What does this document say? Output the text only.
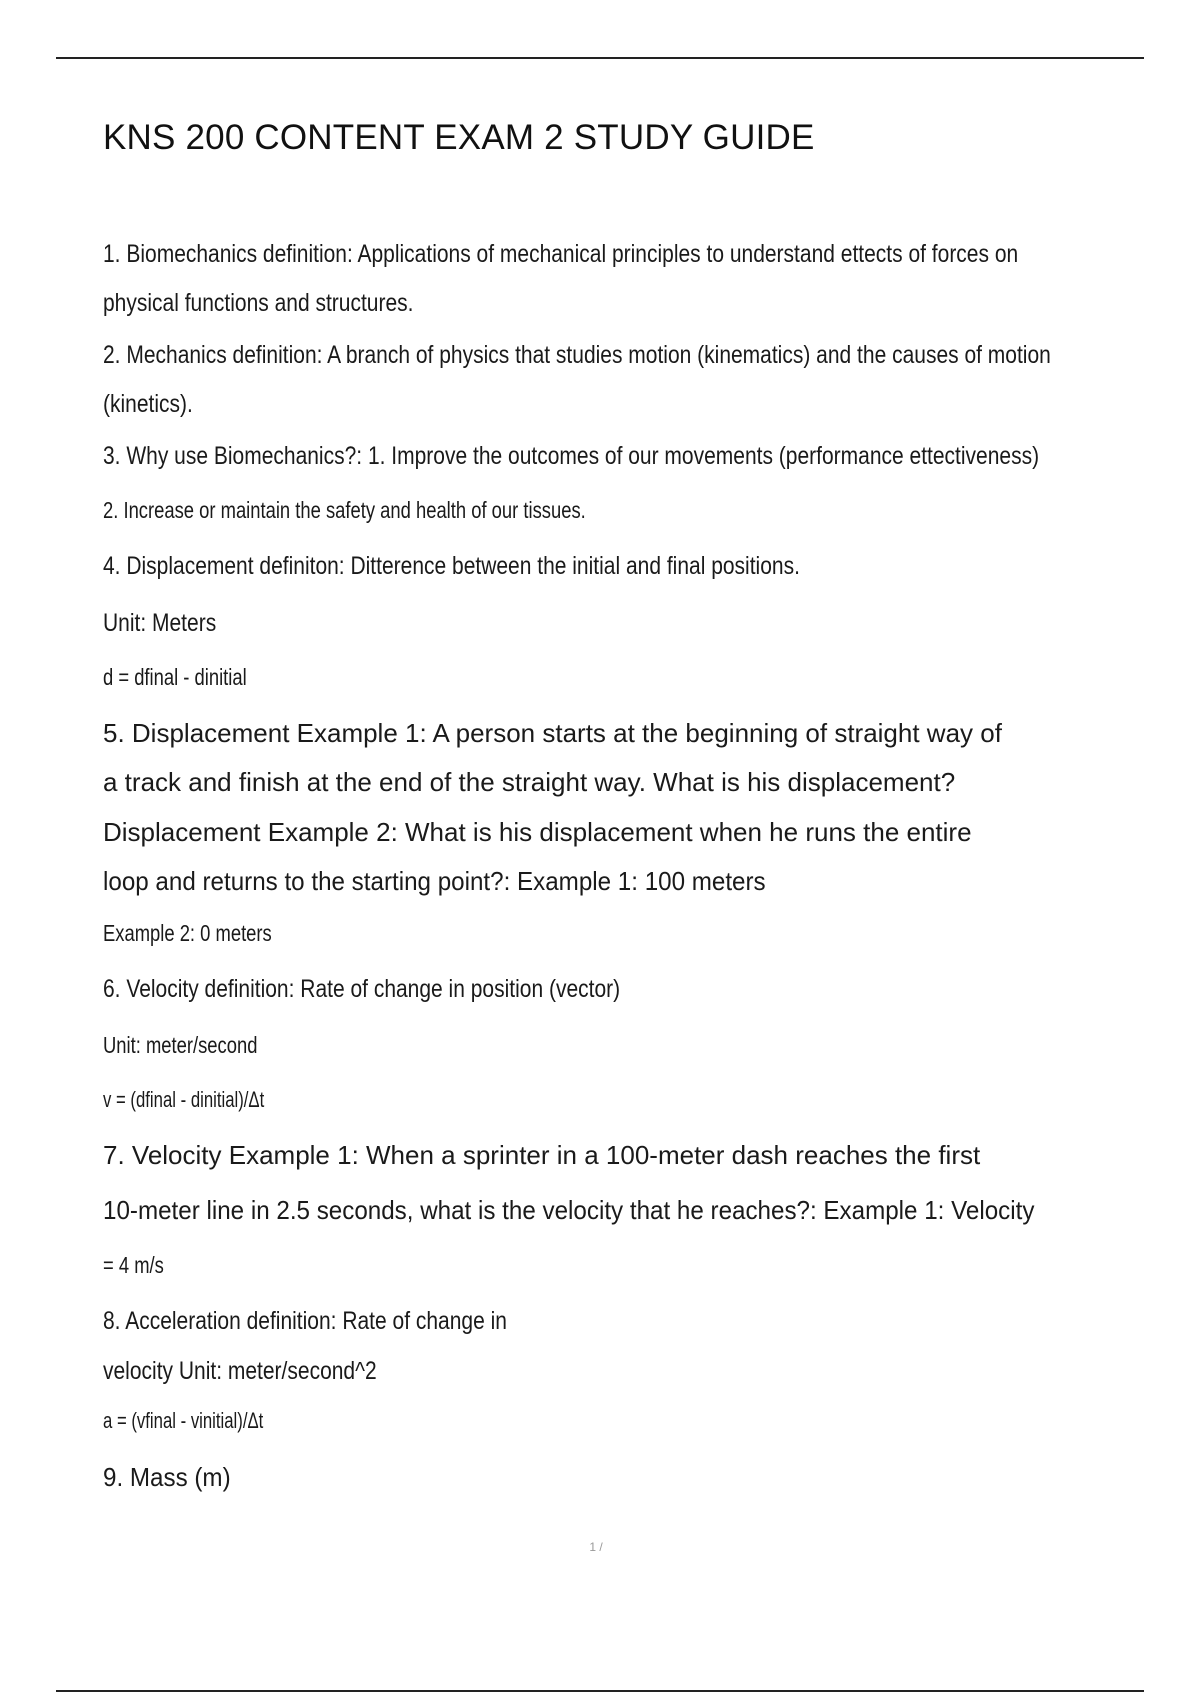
KNS 200 CONTENT EXAM 2 STUDY GUIDE
1. Biomechanics definition: Applications of mechanical principles to understand ettects of forces on
physical functions and structures.
2. Mechanics definition: A branch of physics that studies motion (kinematics) and the causes of motion
(kinetics).
3. Why use Biomechanics?: 1. Improve the outcomes of our movements (performance ettectiveness)
2. Increase or maintain the safety and health of our tissues.
4. Displacement definiton: Ditterence between the initial and final positions.
Unit: Meters
d = dfinal - dinitial
5. Displacement Example 1: A person starts at the beginning of straight way of
a track and finish at the end of the straight way. What is his displacement?
Displacement Example 2: What is his displacement when he runs the entire
loop and returns to the starting point?: Example 1: 100 meters
Example 2: 0 meters
6. Velocity definition: Rate of change in position (vector)
Unit: meter/second
v = (dfinal - dinitial)/Δt
7. Velocity Example 1: When a sprinter in a 100-meter dash reaches the first
10-meter line in 2.5 seconds, what is the velocity that he reaches?: Example 1: Velocity
= 4 m/s
8. Acceleration definition: Rate of change in
velocity Unit: meter/second^2
a = (vfinal - vinitial)/Δt
9. Mass (m)
1 /
